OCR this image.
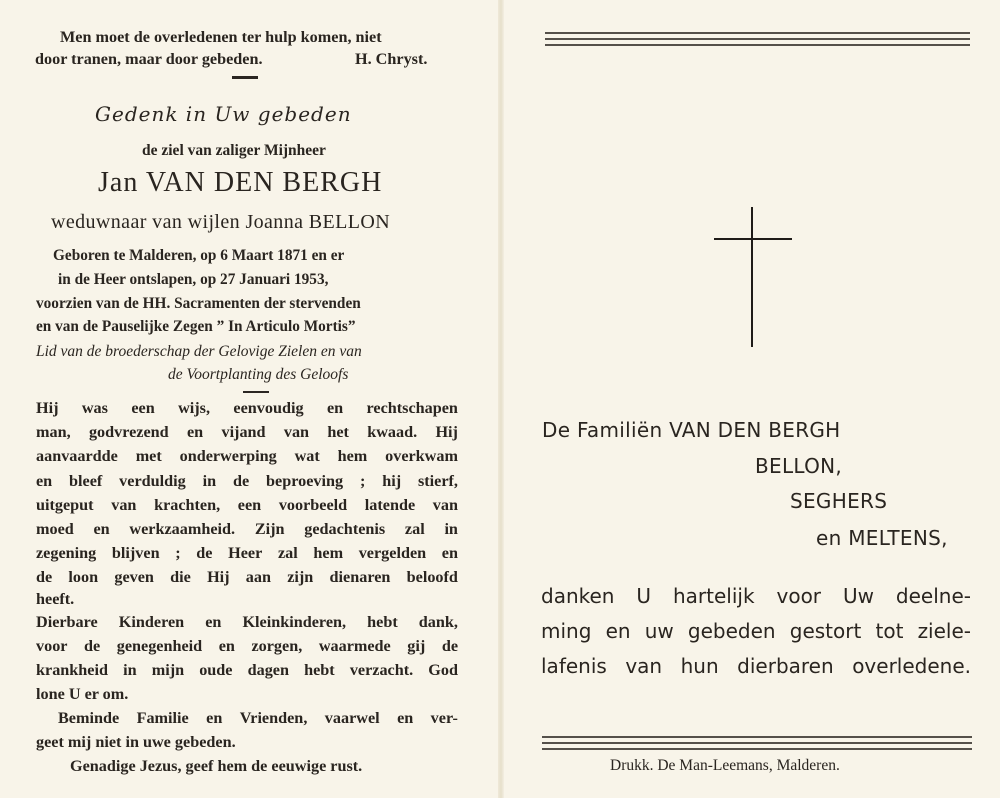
Men moet de overledenen ter hulp komen, niet
door tranen, maar door gebeden.	H. Chryst.
Gedenk in Uw gebeden
de ziel van zaliger Mijnheer
Jan VAN DEN BERGH
weduwnaar van wijlen Joanna BELLON
Geboren te Malderen, op 6 Maart 1871 en er
in de Heer ontslapen, op 27 Januari 1953,
voorzien van de HH. Sacramenten der stervenden
en van de Pauselijke Zegen ” In Articulo Mortis”
Lid van de broederschap der Gelovige Zielen en van
de Voortplanting des Geloofs
Hij was een wijs, eenvoudig en rechtschapen
man, godvrezend en vijand van het kwaad. Hij
aanvaardde met onderwerping wat hem overkwam
en bleef verduldig in de beproeving ; hij stierf,
uitgeput van krachten, een voorbeeld latende van
moed en werkzaamheid. Zijn gedachtenis zal in
zegening blijven ; de Heer zal hem vergelden en
de loon geven die Hij aan zijn dienaren beloofd
heeft.
Dierbare Kinderen en Kleinkinderen, hebt dank,
voor de genegenheid en zorgen, waarmede gij de
krankheid in mijn oude dagen hebt verzacht. God
lone U er om.
Beminde Familie en Vrienden, vaarwel en ver-
geet mij niet in uwe gebeden.
Genadige Jezus, geef hem de eeuwige rust.
De Familiën VAN DEN BERGH
BELLON,
SEGHERS
en MELTENS,
danken U hartelijk voor Uw deelne-
ming en uw gebeden gestort tot ziele-
lafenis van hun dierbaren overledene.
Drukk. De Man-Leemans, Malderen.
